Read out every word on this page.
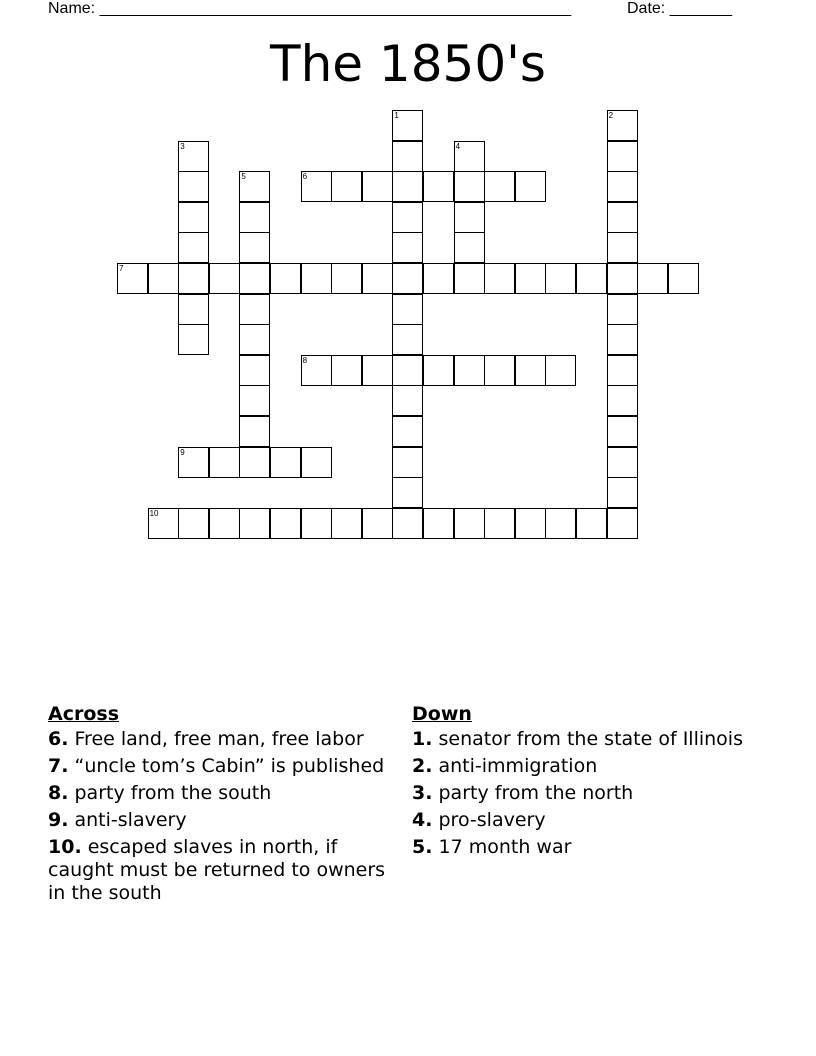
Name: _____________________________________________________	Date: _______
The 1850's
1	2
3	4
5	6
7
8
9
10
Across
6. Free land, free man, free labor
7. “uncle tom’s Cabin” is published
8. party from the south
9. anti-slavery
10. escaped slaves in north, if caught must be returned to owners in the south
Down
1. senator from the state of Illinois
2. anti-immigration
3. party from the north
4. pro-slavery
5. 17 month war
